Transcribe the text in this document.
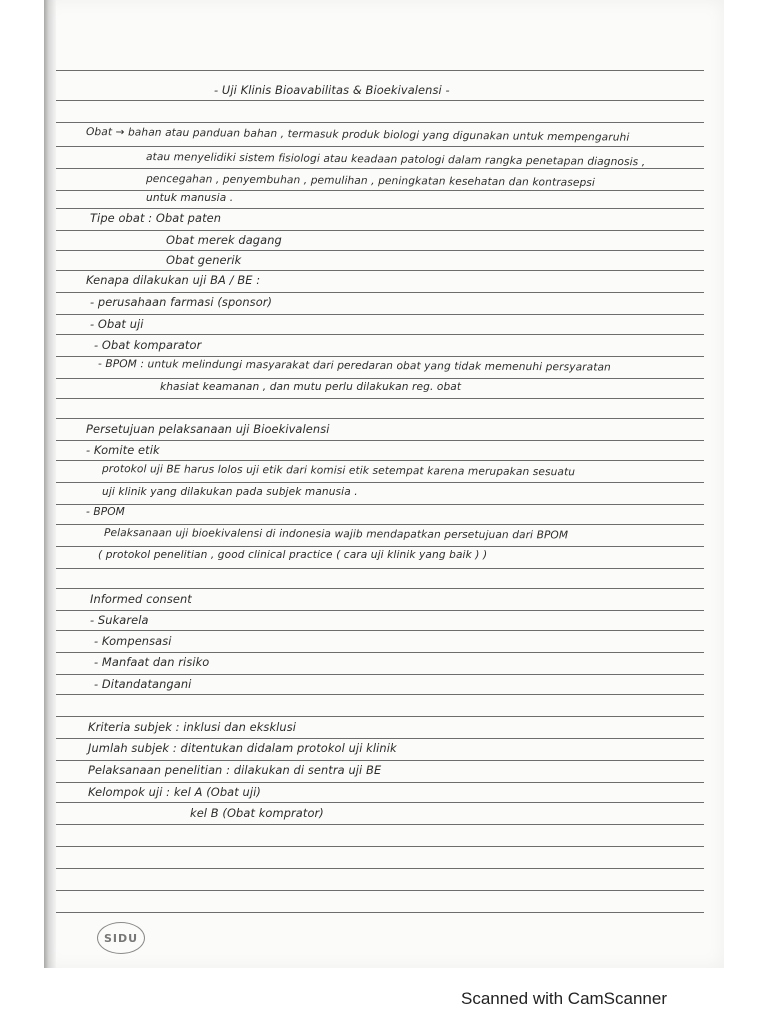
- Uji Klinis Bioavabilitas & Bioekivalensi -
Obat → bahan atau panduan bahan , termasuk produk biologi yang digunakan untuk mempengaruhi
atau menyelidiki sistem fisiologi atau keadaan patologi dalam rangka penetapan diagnosis ,
pencegahan , penyembuhan , pemulihan , peningkatan kesehatan dan kontrasepsi
untuk manusia .
Tipe obat : Obat paten
Obat merek dagang
Obat generik
Kenapa dilakukan uji BA / BE :
- perusahaan farmasi (sponsor)
- Obat uji
- Obat komparator
- BPOM : untuk melindungi masyarakat dari peredaran obat yang tidak memenuhi persyaratan
khasiat keamanan , dan mutu perlu dilakukan reg. obat
Persetujuan pelaksanaan uji Bioekivalensi
- Komite etik
protokol uji BE harus lolos uji etik dari komisi etik setempat karena merupakan sesuatu
uji klinik yang dilakukan pada subjek manusia .
- BPOM
Pelaksanaan uji bioekivalensi di indonesia wajib mendapatkan persetujuan dari BPOM
( protokol penelitian , good clinical practice ( cara uji klinik yang baik ) )
Informed consent
- Sukarela
- Kompensasi
- Manfaat dan risiko
- Ditandatangani
Kriteria subjek : inklusi dan eksklusi
Jumlah subjek : ditentukan didalam protokol uji klinik
Pelaksanaan penelitian : dilakukan di sentra uji BE
Kelompok uji : kel A (Obat uji)
kel B (Obat komprator)
SIDU
Scanned with CamScanner
